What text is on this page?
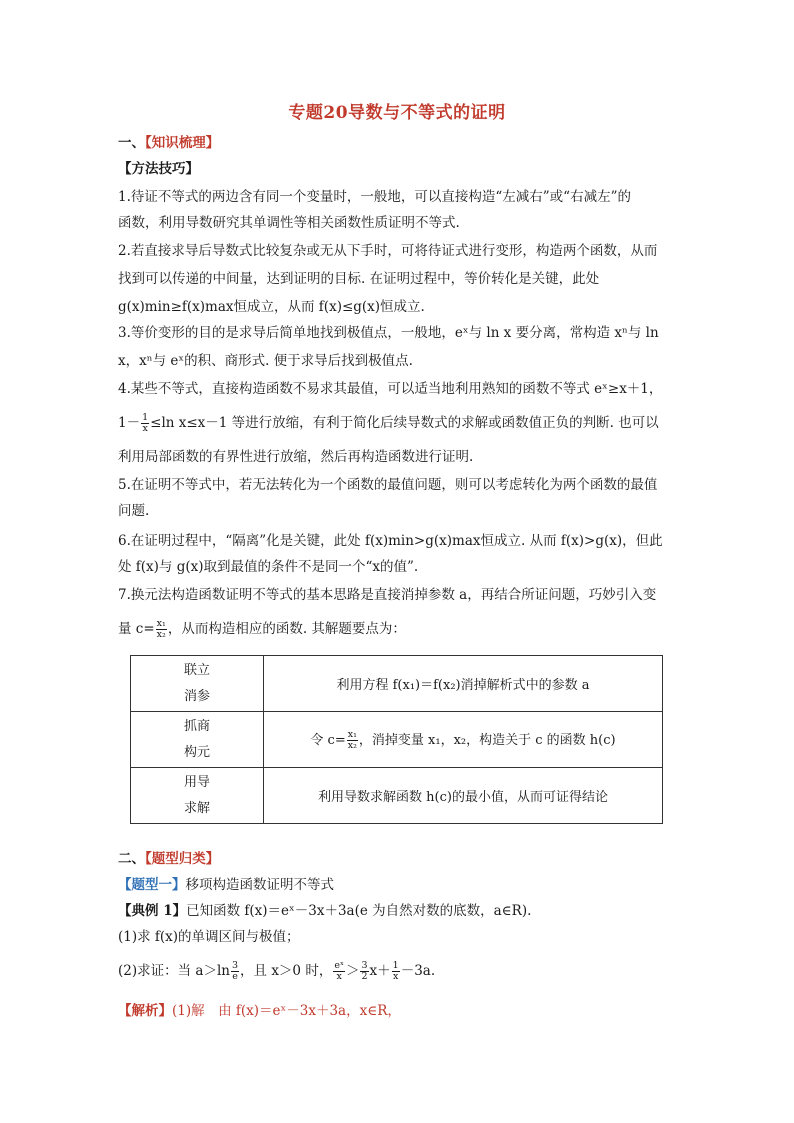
专题20导数与不等式的证明
一、【知识梳理】
【方法技巧】
1.待证不等式的两边含有同一个变量时，一般地，可以直接构造“左减右”或“右减左”的
函数，利用导数研究其单调性等相关函数性质证明不等式.
2.若直接求导后导数式比较复杂或无从下手时，可将待证式进行变形，构造两个函数，从而
找到可以传递的中间量，达到证明的目标. 在证明过程中，等价转化是关键，此处
g(x)min≥f(x)max恒成立，从而 f(x)≤g(x)恒成立.
3.等价变形的目的是求导后简单地找到极值点，一般地，eˣ与 ln x 要分离，常构造 xⁿ与 ln
x，xⁿ与 eˣ的积、商形式. 便于求导后找到极值点.
4.某些不等式，直接构造函数不易求其最值，可以适当地利用熟知的函数不等式 eˣ≥x＋1，
$1- \frac{1}{x} \le\ln$ x≤x－1 等进行放缩，有利于简化后续导数式的求解或函数值正负的判断. 也可以
利用局部函数的有界性进行放缩，然后再构造函数进行证明.
5.在证明不等式中，若无法转化为一个函数的最值问题，则可以考虑转化为两个函数的最值
问题.
6.在证明过程中，“隔离”化是关键，此处 f(x)min>g(x)max恒成立. 从而 f(x)>g(x)，但此
处 f(x)与 g(x)取到最值的条件不是同一个“x的值”.
7.换元法构造函数证明不等式的基本思路是直接消掉参数 a，再结合所证问题，巧妙引入变
量 $c= \frac{\text{x₁}}{\text{x₂}}$ ，从而构造相应的函数. 其解题要点为：
联立
消参	利用方程 f(x₁)＝f(x₂)消掉解析式中的参数 a

抓商
构元	令 $c= \frac{\text{x₁}}{\text{x₂}}$ ，消掉变量 x₁，x₂，构造关于 c 的函数 h(c)

用导
求解	利用导数求解函数 h(c)的最小值，从而可证得结论
二、【题型归类】
【题型一】移项构造函数证明不等式
【典例 1】已知函数 f(x)＝eˣ－3x＋3a(e 为自然对数的底数，a∈R).
(1)求 f(x)的单调区间与极值；
(2)求证：当 $a>\ln \frac{3}{e}$ ，且 x＞0 时， $\frac{\text{eˣ}}{x} > \frac{3}{2} x+ \frac{1}{x} -3a$.
【解析】(1)解　由 f(x)＝eˣ－3x＋3a，x∈R，
